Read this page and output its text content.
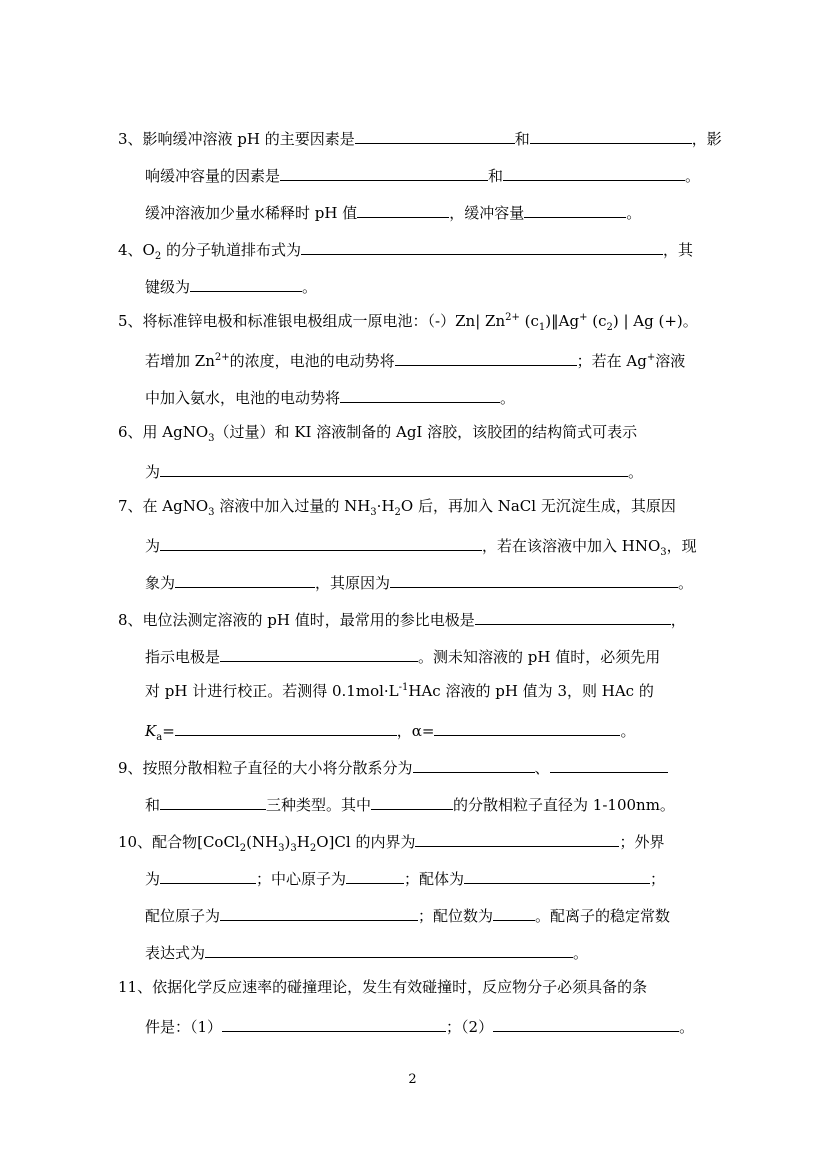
3、影响缓冲溶液 pH 的主要因素是	和	，影
响缓冲容量的因素是	和	。
缓冲溶液加少量水稀释时 pH 值	，缓冲容量	。
4、$O_2$ 的分子轨道排布式为	，其
键级为	。
5、将标准锌电极和标准银电极组成一原电池：（-）Zn| $Zn^{2+}$ $(c_1)‖Ag^+$ $(c_2)$ | Ag (+)。
若增加 $Zn^{2+}$的浓度，电池的电动势将	；若在 Ag+溶液
中加入氨水，电池的电动势将	。
6、用 AgNO$_3$（过量）和 KI 溶液制备的 AgI 溶胶，该胶团的结构简式可表示
为	。
7、在 AgNO$_3$ 溶液中加入过量的 $NH_3\cdot H_2O$ 后，再加入 NaCl 无沉淀生成，其原因
为	，若在该溶液中加入 $HNO_3$，现
象为	，其原因为	。
8、电位法测定溶液的 pH 值时，最常用的参比电极是	，
指示电极是	。测未知溶液的 pH 值时，必须先用
对 pH 计进行校正。若测得 $0.1mol\cdot L^{-1}HAc$ 溶液的 pH 值为 3，则 HAc 的
$K_a=$	，α=	。
9、按照分散相粒子直径的大小将分散系分为	、
和	三种类型。其中	的分散相粒子直径为 1-100nm。
10、配合物$[CoCl_2(NH_3)_3H_2O]Cl$ 的内界为	；外界
为	；中心原子为	；配体为	；
配位原子为	；配位数为	。配离子的稳定常数
表达式为	。
11、依据化学反应速率的碰撞理论，发生有效碰撞时，反应物分子必须具备的条
件是：（1）	；（2）	。
2
